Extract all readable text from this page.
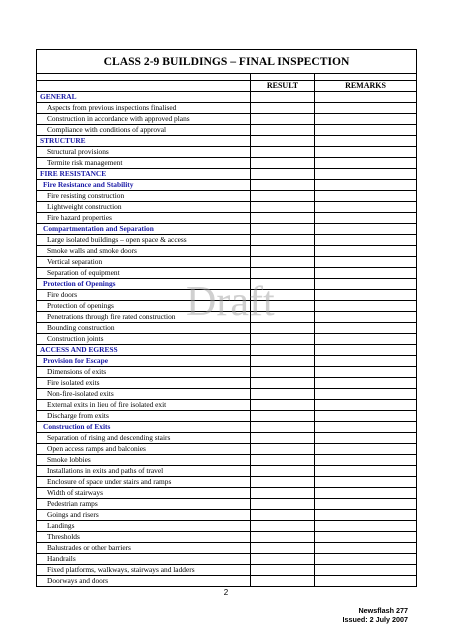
CLASS 2-9 BUILDINGS – FINAL INSPECTION		

	RESULT	REMARKS
GENERAL		
Aspects from previous inspections finalised		
Construction in accordance with approved plans		
Compliance with conditions of approval		
STRUCTURE		
Structural provisions		
Termite risk management		
FIRE RESISTANCE		
Fire Resistance and Stability		
Fire resisting construction		
Lightweight construction		
Fire hazard properties		
Compartmentation and Separation		
Large isolated buildings – open space & access		
Smoke walls and smoke doors		
Vertical separation		
Separation of equipment		
Protection of Openings		
Fire doors		
Protection of openings		
Penetrations through fire rated construction		
Bounding construction		
Construction joints		
ACCESS AND EGRESS		
Provision for Escape		
Dimensions of exits		
Fire isolated exits		
Non-fire-isolated exits		
External exits in lieu of fire isolated exit		
Discharge from exits		
Construction of Exits		
Separation of rising and descending stairs		
Open access ramps and balconies		
Smoke lobbies		
Installations in exits and paths of travel		
Enclosure of space under stairs and ramps		
Width of stairways		
Pedestrian ramps		
Goings and risers		
Landings		
Thresholds		
Balustrades or other barriers		
Handrails		
Fixed platforms, walkways, stairways and ladders		
Doorways and doors		
Draft
2
Newsflash 277
Issued: 2 July 2007
